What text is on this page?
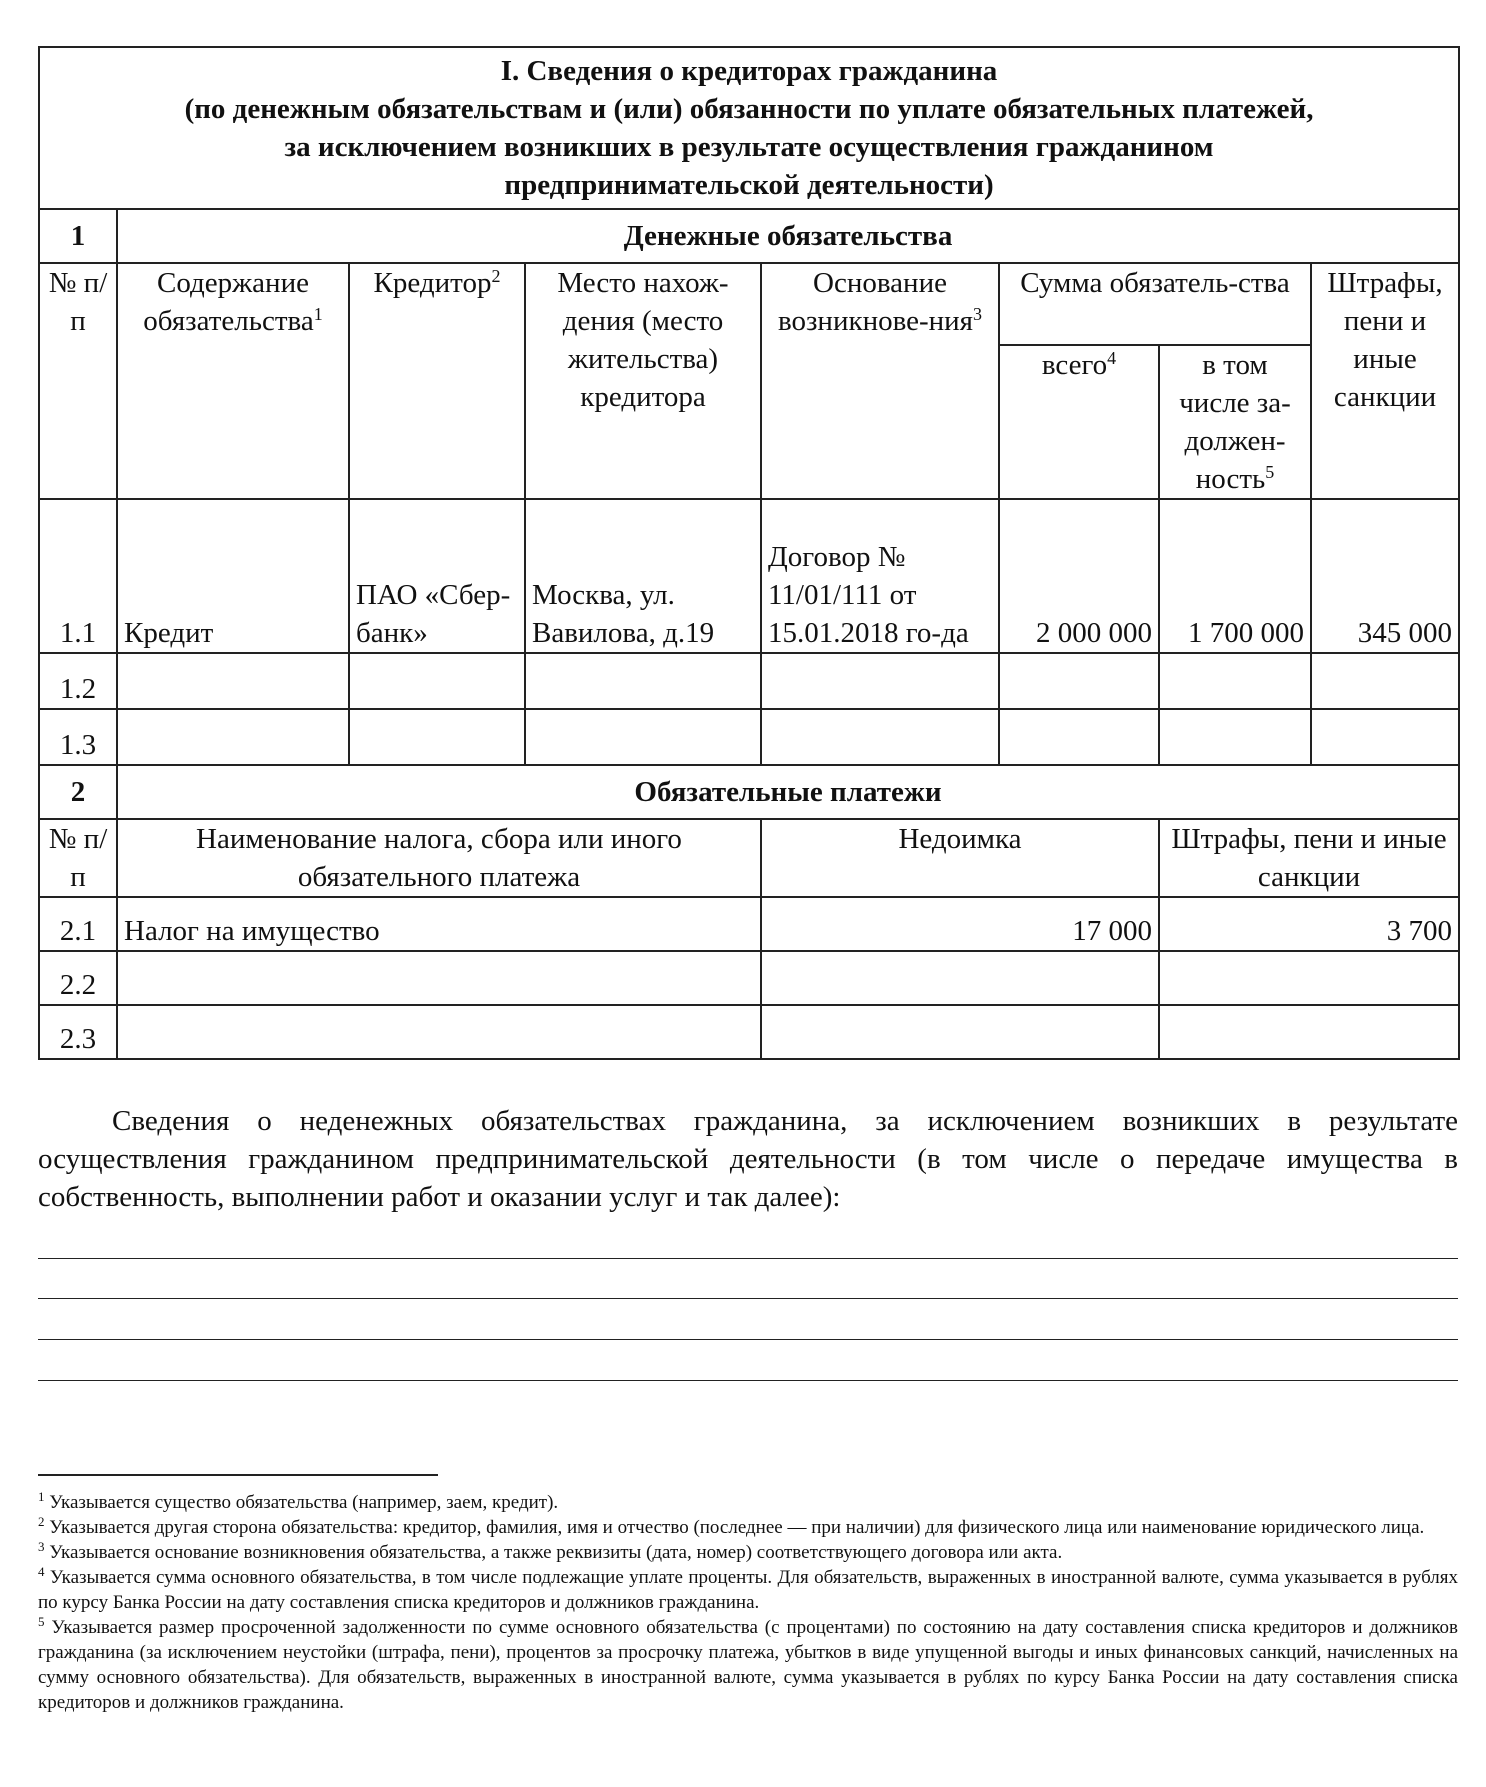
I. Сведения о кредиторах гражданина
(по денежным обязательствам и (или) обязанности по уплате обязательных платежей,
за исключением возникших в результате осуществления гражданином
предпринимательской деятельности)							

1	Денежные обязательства						
№ п/п	Содержание обязательства$^1$	Кредитор$^2$	Место нахож-дения (место жительства) кредитора	Основание возникнове-ния$^3$	Сумма обязатель-ства		Штрафы, пени и иные санкции
					всего$^4$	в том числе за-должен-ность$^5$
1.1	Кредит	ПАО «Сбер-банк»	Москва, ул. Вавилова, д.19	Договор № 11/01/111 от 15.01.2018 го-да	2 000 000	1 700 000	345 000
1.2							
1.3							
2	Обязательные платежи						
№ п/п	Наименование налога, сбора или иного обязательного платежа			Недоимка		Штрафы, пени и иные санкции	
2.1	Налог на имущество			17 000		3 700	
2.2							
2.3							

Сведения о неденежных обязательствах гражданина, за исключением возникших в результате осуществления гражданином предпринимательской деятельности (в том числе о передаче имущества в собственность, выполнении работ и оказании услуг и так далее):

$^1$ Указывается существо обязательства (например, заем, кредит).

$^2$ Указывается другая сторона обязательства: кредитор, фамилия, имя и отчество (последнее — при наличии) для физического лица или наименование юридического лица.

$^3$ Указывается основание возникновения обязательства, а также реквизиты (дата, номер) соответствующего договора или акта.

$^4$ Указывается сумма основного обязательства, в том числе подлежащие уплате проценты. Для обязательств, выраженных в иностранной валюте, сумма указывается в рублях по курсу Банка России на дату составления списка кредиторов и должников гражданина.

$^5$ Указывается размер просроченной задолженности по сумме основного обязательства (с процентами) по состоянию на дату составления списка кредиторов и должников гражданина (за исключением неустойки (штрафа, пени), процентов за просрочку платежа, убытков в виде упущенной выгоды и иных финансовых санкций, начисленных на сумму основного обязательства). Для обязательств, выраженных в иностранной валюте, сумма указывается в рублях по курсу Банка России на дату составления списка кредиторов и должников гражданина.
